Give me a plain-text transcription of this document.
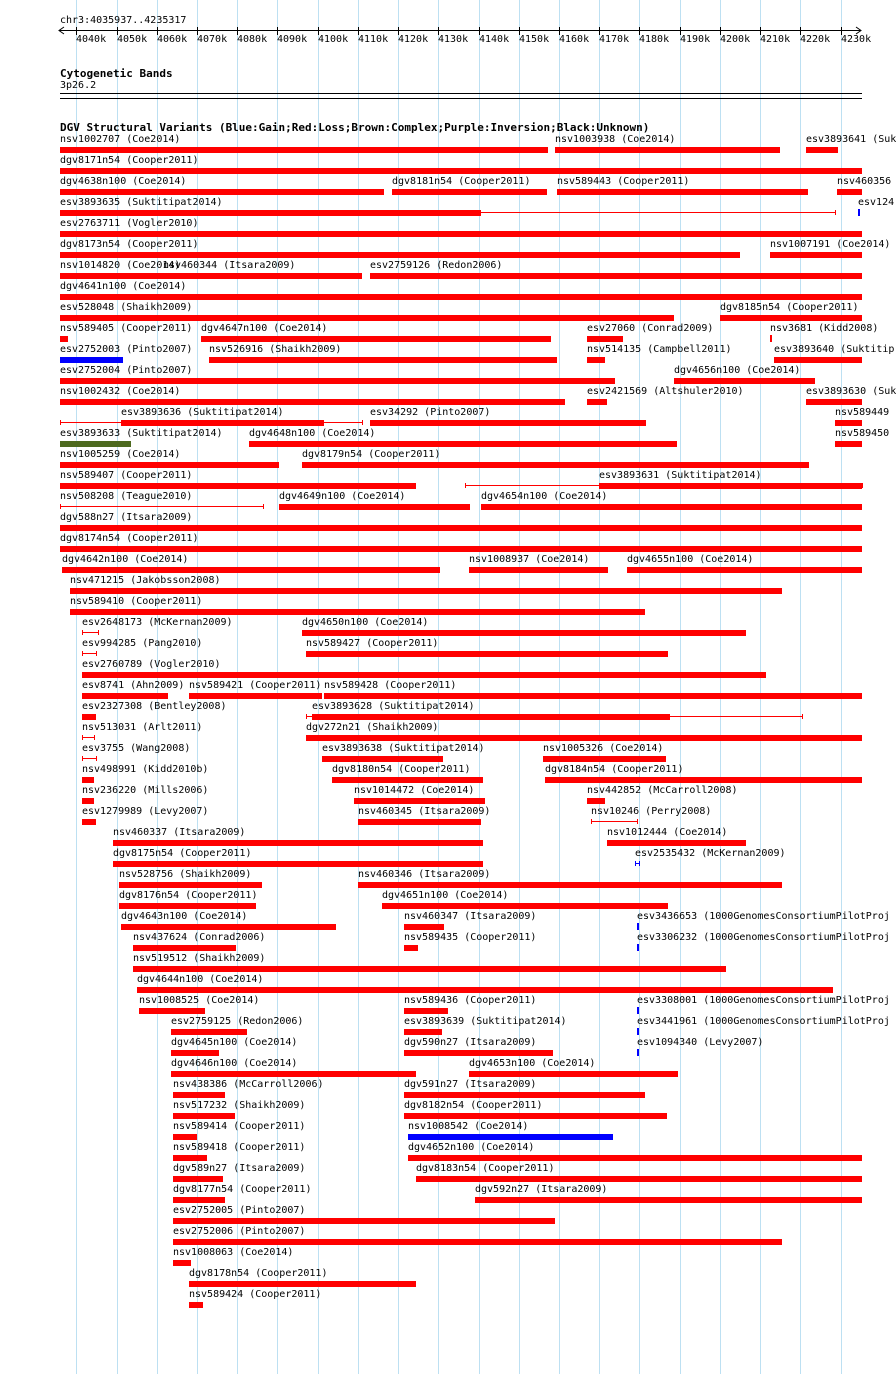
chr3:4035937..4235317
4040k 4050k 4060k 4070k 4080k 4090k 4100k 4110k 4120k 4130k 4140k 4150k 4160k 4170k 4180k 4190k 4200k 4210k 4220k 4230k
Cytogenetic Bands
3p26.2
DGV Structural Variants (Blue:Gain;Red:Loss;Brown:Complex;Purple:Inversion;Black:Unknown)
nsv1002707 (Coe2014)	nsv1003938 (Coe2014)	esv3893641 (Suk
dgv8171n54 (Cooper2011)
dgv4638n100 (Coe2014)	dgv8181n54 (Cooper2011)	nsv589443 (Cooper2011)	nsv460356
esv3893635 (Suktitipat2014)	esv124
esv2763711 (Vogler2010)
dgv8173n54 (Cooper2011)	nsv1007191 (Coe2014)
nsv1014820 (Coe2014)
nsv460344 (Itsara2009)	esv2759126 (Redon2006)
dgv4641n100 (Coe2014)
esv528048 (Shaikh2009)	dgv8185n54 (Cooper2011)
nsv589405 (Cooper2011) dgv4647n100 (Coe2014)	esv27060 (Conrad2009)	nsv3681 (Kidd2008)
esv2752003 (Pinto2007) nsv526916 (Shaikh2009)	nsv514135 (Campbell2011)	esv3893640 (Suktitip
esv2752004 (Pinto2007)	dgv4656n100 (Coe2014)
nsv1002432 (Coe2014)	esv2421569 (Altshuler2010)	esv3893630 (Suk
esv3893636 (Suktitipat2014)	esv34292 (Pinto2007)	nsv589449
esv3893633 (Suktitipat2014)	dgv4648n100 (Coe2014)	nsv589450
nsv1005259 (Coe2014)	dgv8179n54 (Cooper2011)
nsv589407 (Cooper2011)	esv3893631 (Suktitipat2014)
nsv508208 (Teague2010)	dgv4649n100 (Coe2014)	dgv4654n100 (Coe2014)
dgv588n27 (Itsara2009)
dgv8174n54 (Cooper2011)
dgv4642n100 (Coe2014)	nsv1008937 (Coe2014)	dgv4655n100 (Coe2014)
nsv471215 (Jakobsson2008)
nsv589410 (Cooper2011)
esv2648173 (McKernan2009)	dgv4650n100 (Coe2014)
esv994285 (Pang2010)	nsv589427 (Cooper2011)
esv2760789 (Vogler2010)
esv8741 (Ahn2009) nsv589421 (Cooper2011) nsv589428 (Cooper2011)
esv2327308 (Bentley2008)	esv3893628 (Suktitipat2014)
nsv513031 (Arlt2011)	dgv272n21 (Shaikh2009)
esv3755 (Wang2008)	esv3893638 (Suktitipat2014)	nsv1005326 (Coe2014)
nsv498991 (Kidd2010b)	dgv8180n54 (Cooper2011)	dgv8184n54 (Cooper2011)
nsv236220 (Mills2006)	nsv1014472 (Coe2014)	nsv442852 (McCarroll2008)
esv1279989 (Levy2007)	nsv460345 (Itsara2009)	nsv10246 (Perry2008)
nsv460337 (Itsara2009)	nsv1012444 (Coe2014)
dgv8175n54 (Cooper2011)	esv2535432 (McKernan2009)
nsv528756 (Shaikh2009)	nsv460346 (Itsara2009)
dgv8176n54 (Cooper2011)	dgv4651n100 (Coe2014)
dgv4643n100 (Coe2014)	nsv460347 (Itsara2009)	esv3436653 (1000GenomesConsortiumPilotProj
nsv437624 (Conrad2006)	nsv589435 (Cooper2011)	esv3306232 (1000GenomesConsortiumPilotProj
nsv519512 (Shaikh2009)
dgv4644n100 (Coe2014)
nsv1008525 (Coe2014)	nsv589436 (Cooper2011)	esv3308001 (1000GenomesConsortiumPilotProj
esv2759125 (Redon2006)	esv3893639 (Suktitipat2014)	esv3441961 (1000GenomesConsortiumPilotProj
dgv4645n100 (Coe2014)	dgv590n27 (Itsara2009)	esv1094340 (Levy2007)
dgv4646n100 (Coe2014)	dgv4653n100 (Coe2014)
nsv438386 (McCarroll2006)	dgv591n27 (Itsara2009)
nsv517232 (Shaikh2009)	dgv8182n54 (Cooper2011)
nsv589414 (Cooper2011)	nsv1008542 (Coe2014)
nsv589418 (Cooper2011)	dgv4652n100 (Coe2014)
dgv589n27 (Itsara2009)	dgv8183n54 (Cooper2011)
dgv8177n54 (Cooper2011)	dgv592n27 (Itsara2009)
esv2752005 (Pinto2007)
esv2752006 (Pinto2007)
nsv1008063 (Coe2014)
dgv8178n54 (Cooper2011)
nsv589424 (Cooper2011)
